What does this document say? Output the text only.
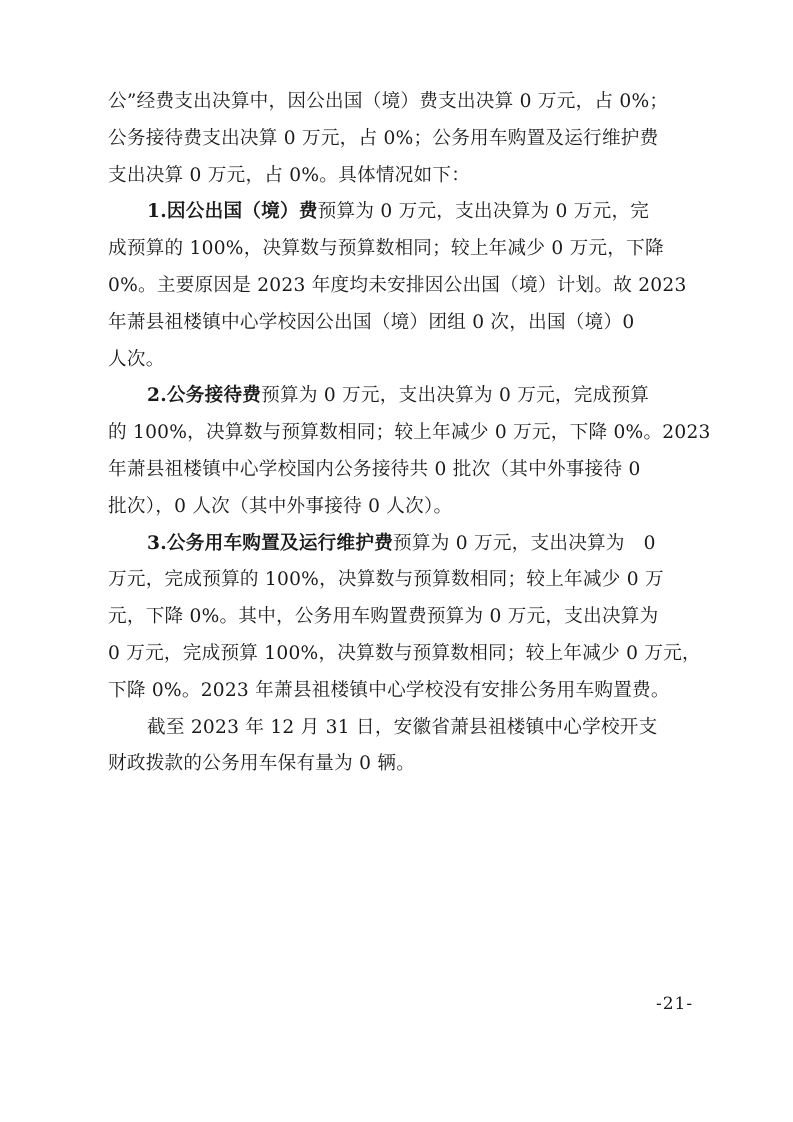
公”经费支出决算中，因公出国（境）费支出决算 0 万元，占 0%；
公务接待费支出决算 0 万元，占 0%；公务用车购置及运行维护费
支出决算 0 万元，占 0%。具体情况如下：
1.因公出国（境）费预算为 0 万元，支出决算为 0 万元，完
成预算的 100%，决算数与预算数相同；较上年减少 0 万元，下降
0%。主要原因是 2023 年度均未安排因公出国（境）计划。故 2023
年萧县祖楼镇中心学校因公出国（境）团组 0 次，出国（境）0
人次。
2.公务接待费预算为 0 万元，支出决算为 0 万元，完成预算
的 100%，决算数与预算数相同；较上年减少 0 万元，下降 0%。2023
年萧县祖楼镇中心学校国内公务接待共 0 批次（其中外事接待 0
批次），0 人次（其中外事接待 0 人次）。
3.公务用车购置及运行维护费预算为 0 万元，支出决算为　0
万元，完成预算的 100%，决算数与预算数相同；较上年减少 0 万
元，下降 0%。其中，公务用车购置费预算为 0 万元，支出决算为
0 万元，完成预算 100%，决算数与预算数相同；较上年减少 0 万元，
下降 0%。2023 年萧县祖楼镇中心学校没有安排公务用车购置费。
截至 2023 年 12 月 31 日，安徽省萧县祖楼镇中心学校开支
财政拨款的公务用车保有量为 0 辆。
-21-
